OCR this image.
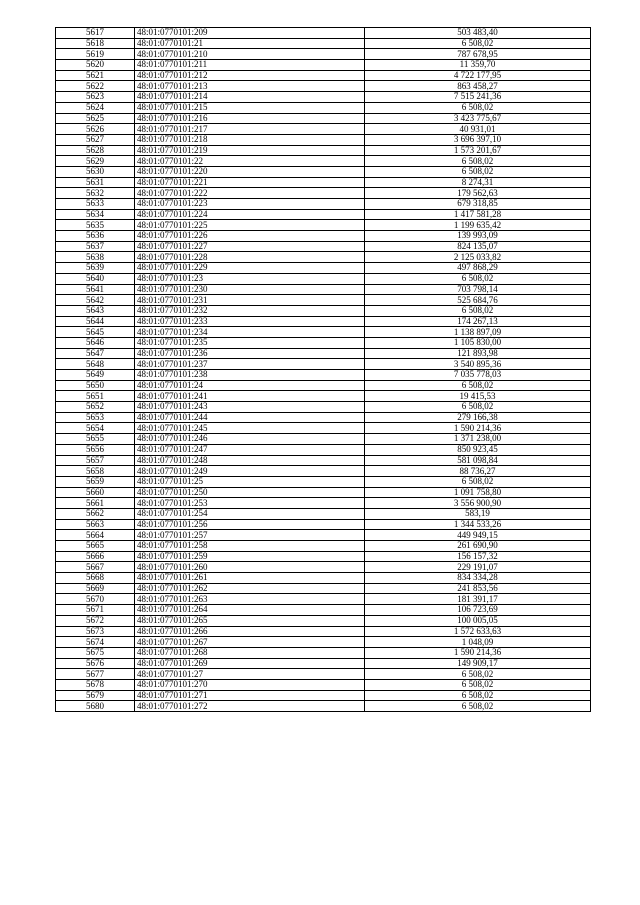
5617	48:01:0770101:209	503 483,40
5618	48:01:0770101:21	6 508,02
5619	48:01:0770101:210	787 678,95
5620	48:01:0770101:211	11 359,70
5621	48:01:0770101:212	4 722 177,95
5622	48:01:0770101:213	863 458,27
5623	48:01:0770101:214	7 515 241,36
5624	48:01:0770101:215	6 508,02
5625	48:01:0770101:216	3 423 775,67
5626	48:01:0770101:217	40 931,01
5627	48:01:0770101:218	3 696 397,10
5628	48:01:0770101:219	1 573 201,67
5629	48:01:0770101:22	6 508,02
5630	48:01:0770101:220	6 508,02
5631	48:01:0770101:221	8 274,31
5632	48:01:0770101:222	179 562,63
5633	48:01:0770101:223	679 318,85
5634	48:01:0770101:224	1 417 581,28
5635	48:01:0770101:225	1 199 635,42
5636	48:01:0770101:226	139 993,09
5637	48:01:0770101:227	824 135,07
5638	48:01:0770101:228	2 125 033,82
5639	48:01:0770101:229	497 868,29
5640	48:01:0770101:23	6 508,02
5641	48:01:0770101:230	703 798,14
5642	48:01:0770101:231	525 684,76
5643	48:01:0770101:232	6 508,02
5644	48:01:0770101:233	174 267,13
5645	48:01:0770101:234	1 138 897,09
5646	48:01:0770101:235	1 105 830,00
5647	48:01:0770101:236	121 893,98
5648	48:01:0770101:237	3 540 895,36
5649	48:01:0770101:238	7 035 778,03
5650	48:01:0770101:24	6 508,02
5651	48:01:0770101:241	19 415,53
5652	48:01:0770101:243	6 508,02
5653	48:01:0770101:244	279 166,38
5654	48:01:0770101:245	1 590 214,36
5655	48:01:0770101:246	1 371 238,00
5656	48:01:0770101:247	850 923,45
5657	48:01:0770101:248	581 098,84
5658	48:01:0770101:249	88 736,27
5659	48:01:0770101:25	6 508,02
5660	48:01:0770101:250	1 091 758,80
5661	48:01:0770101:253	3 556 900,90
5662	48:01:0770101:254	583,19
5663	48:01:0770101:256	1 344 533,26
5664	48:01:0770101:257	449 949,15
5665	48:01:0770101:258	261 690,90
5666	48:01:0770101:259	156 157,32
5667	48:01:0770101:260	229 191,07
5668	48:01:0770101:261	834 334,28
5669	48:01:0770101:262	241 853,56
5670	48:01:0770101:263	181 391,17
5671	48:01:0770101:264	106 723,69
5672	48:01:0770101:265	100 005,05
5673	48:01:0770101:266	1 572 633,63
5674	48:01:0770101:267	1 048,09
5675	48:01:0770101:268	1 590 214,36
5676	48:01:0770101:269	149 909,17
5677	48:01:0770101:27	6 508,02
5678	48:01:0770101:270	6 508,02
5679	48:01:0770101:271	6 508,02
5680	48:01:0770101:272	6 508,02
